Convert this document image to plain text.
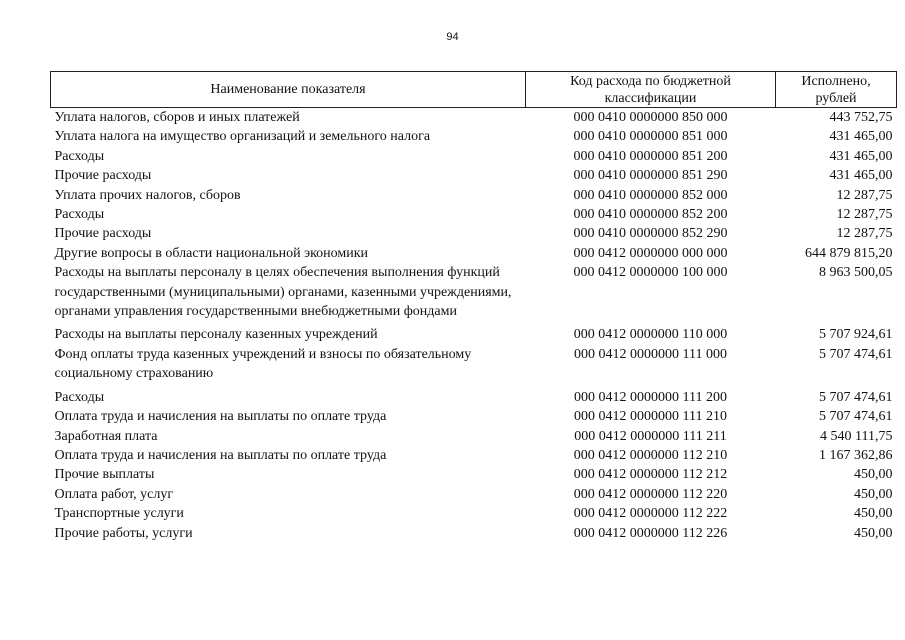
94
Наименование показателя	Код расхода по бюджетной классификации	Исполнено, рублей
Уплата налогов, сборов и иных платежей	000 0410 0000000 850 000	443 752,75
Уплата налога на имущество организаций и земельного налога	000 0410 0000000 851 000	431 465,00
Расходы	000 0410 0000000 851 200	431 465,00
Прочие расходы	000 0410 0000000 851 290	431 465,00
Уплата прочих налогов, сборов	000 0410 0000000 852 000	12 287,75
Расходы	000 0410 0000000 852 200	12 287,75
Прочие расходы	000 0410 0000000 852 290	12 287,75
Другие вопросы в области национальной экономики	000 0412 0000000 000 000	644 879 815,20
Расходы на выплаты персоналу в целях обеспечения выполнения функций государственными (муниципальными) органами, казенными учреждениями, органами управления государственными внебюджетными фондами	000 0412 0000000 100 000	8 963 500,05
Расходы на выплаты персоналу казенных учреждений	000 0412 0000000 110 000	5 707 924,61
Фонд оплаты труда казенных учреждений и взносы по обязательному социальному страхованию	000 0412 0000000 111 000	5 707 474,61
Расходы	000 0412 0000000 111 200	5 707 474,61
Оплата труда и начисления на выплаты по оплате труда	000 0412 0000000 111 210	5 707 474,61
Заработная плата	000 0412 0000000 111 211	4 540 111,75
Оплата труда и начисления на выплаты по оплате труда	000 0412 0000000 112 210	1 167 362,86
Прочие выплаты	000 0412 0000000 112 212	450,00
Оплата работ, услуг	000 0412 0000000 112 220	450,00
Транспортные услуги	000 0412 0000000 112 222	450,00
Прочие работы, услуги	000 0412 0000000 112 226	450,00
